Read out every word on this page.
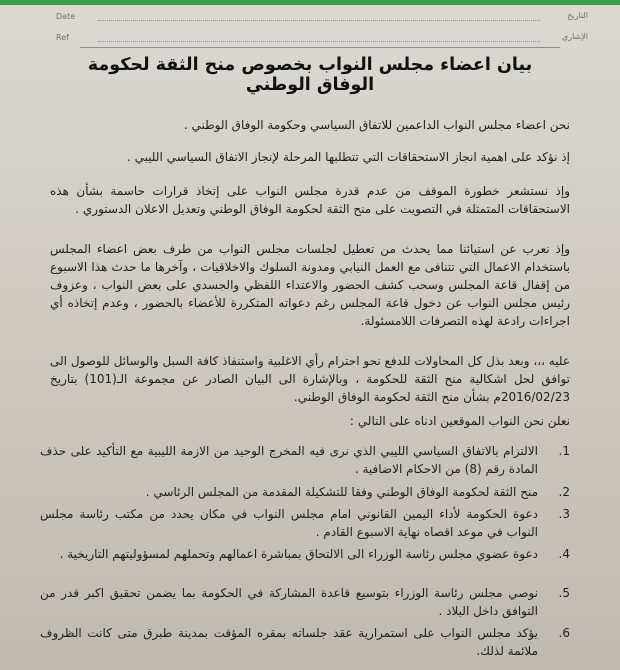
Date	التاريخ
Ref	الإشاري
بيان اعضاء مجلس النواب بخصوص منح الثقة لحكومة الوفاق الوطني
نحن اعضاء مجلس النواب الداعمين للاتفاق السياسي وحكومة الوفاق الوطني .
إذ نؤكد على اهمية انجاز الاستحقاقات التي تتطلبها المرحلة لإنجاز الاتفاق السياسي الليبي .
وإذ نستشعر خطورة الموقف من عدم قدرة مجلس النواب على إتخاذ قرارات حاسمة بشأن هذه الاستحقاقات المتمثلة في التصويت على منح الثقة لحكومة الوفاق الوطني وتعديل الاعلان الدستوري .
وإذ نعرب عن استيائنا مما يحدث من تعطيل لجلسات مجلس النواب من طرف بعض اعضاء المجلس باستخدام الاعمال التي تتنافى مع العمل النيابي ومدونة السلوك والاخلاقيات ، وآخرها ما حدث هذا الاسبوع من إقفال قاعة المجلس وسحب كشف الحضور والاعتداء اللفظي والجسدي على بعض النواب ، وعزوف رئيس مجلس النواب عن دخول قاعة المجلس رغم دعواته المتكررة للأعضاء بالحضور ، وعدم إتخاذه أي اجراءات رادعة لهذه التصرفات اللامسئولة.
عليه ،،، وبعد بذل كل المحاولات للدفع نحو احترام رأي الاغلبية واستنفاذ كافة السبل والوسائل للوصول الى توافق لحل اشكالية منح الثقة للحكومة ، وبالإشارة الى البيان الصادر عن مجموعة الـ(101) بتاريخ 2016/02/23م بشأن منح الثقة لحكومة الوفاق الوطني.
نعلن نحن النواب الموقعين ادناه على التالي :
1.
الالتزام بالاتفاق السياسي الليبي الذي نرى فيه المخرج الوحيد من الازمة الليبية مع التأكيد على حذف المادة رقم (8) من الاحكام الاضافية .
2.
منح الثقة لحكومة الوفاق الوطني وفقا للتشكيلة المقدمة من المجلس الرئاسي .
3.
دعوة الحكومة لأداء اليمين القانوني امام مجلس النواب في مكان يحدد من مكتب رئاسة مجلس النواب في موعد اقصاه نهاية الاسبوع القادم .
4.
دعوة عضوي مجلس رئاسة الوزراء الى الالتحاق بمباشرة اعمالهم وتحملهم لمسؤوليتهم التاريخية .
5.
نوصي مجلس رئاسة الوزراء بتوسيع قاعدة المشاركة في الحكومة بما يضمن تحقيق اكبر قدر من التوافق داخل البلاد .
6.
يؤكد مجلس النواب على استمرارية عقد جلساته بمقره المؤقت بمدينة طبرق متى كانت الظروف ملائمة لذلك.
